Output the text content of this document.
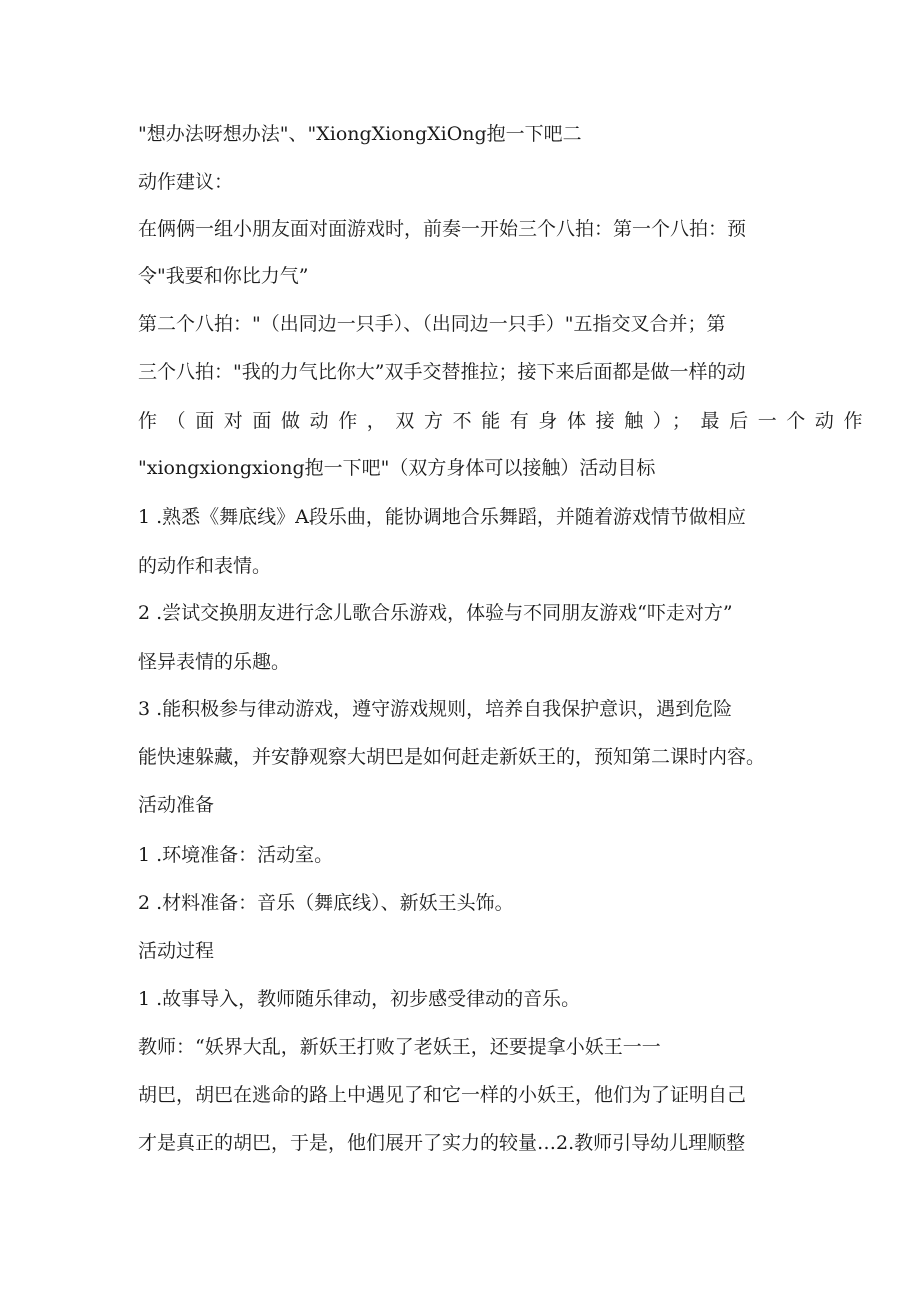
"想办法呀想办法"、"XiongXiongXiOng抱一下吧二
动作建议：
在俩俩一组小朋友面对面游戏时，前奏一开始三个八拍：第一个八拍：预
令"我要和你比力气”
第二个八拍："（出同边一只手）、（出同边一只手）"五指交叉合并；第
三个八拍："我的力气比你大”双手交替推拉；接下来后面都是做一样的动
作（面对面做动作，双方不能有身体接触）；最后一个动作
"xiongxiongxiong抱一下吧"（双方身体可以接触）活动目标
1 .熟悉《舞底线》A段乐曲，能协调地合乐舞蹈，并随着游戏情节做相应
的动作和表情。
2 .尝试交换朋友进行念儿歌合乐游戏，体验与不同朋友游戏“吓走对方”
怪异表情的乐趣。
3 .能积极参与律动游戏，遵守游戏规则，培养自我保护意识，遇到危险
能快速躲藏，并安静观察大胡巴是如何赶走新妖王的，预知第二课时内容。
活动准备
1 .环境准备：活动室。
2 .材料准备：音乐（舞底线）、新妖王头饰。
活动过程
1 .故事导入，教师随乐律动，初步感受律动的音乐。
教师：“妖界大乱，新妖王打败了老妖王，还要提拿小妖王一一
胡巴，胡巴在逃命的路上中遇见了和它一样的小妖王，他们为了证明自己
才是真正的胡巴，于是，他们展开了实力的较量…2.教师引导幼儿理顺整
